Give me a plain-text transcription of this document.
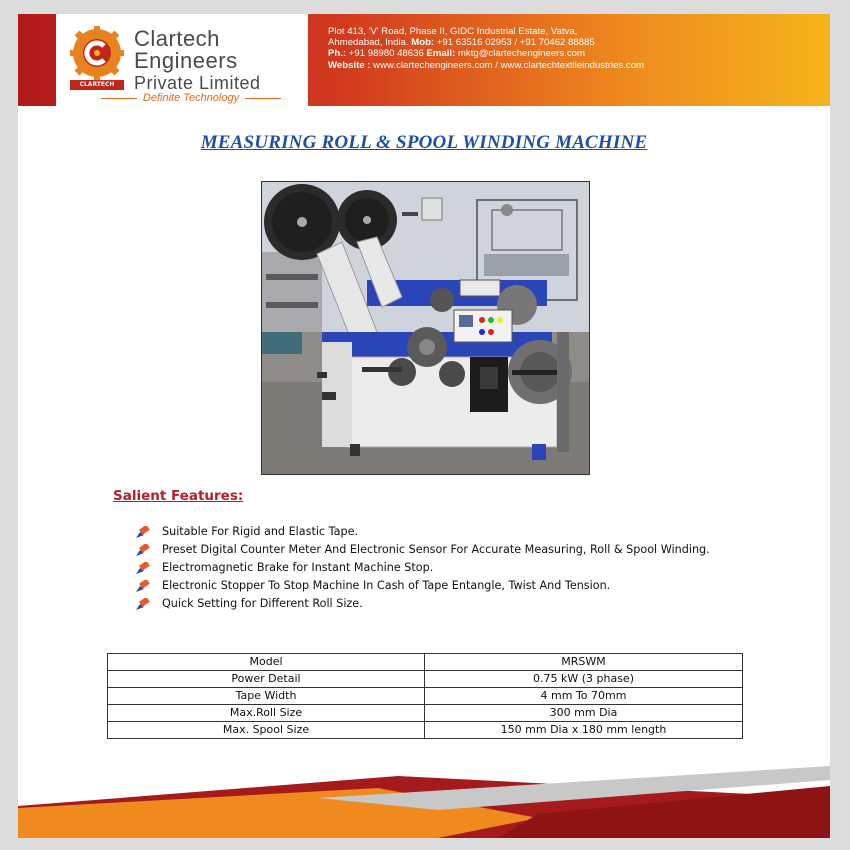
CLARTECH
Clartech
Engineers
Private Limited
Definite Technology
Plot 413, 'V' Road, Phase II, GIDC Industrial Estate, Vatva,
Ahmedabad, India. Mob: +91 63516 02953 / +91 70462 88885
Ph.: +91 98980 48636 Email: mktg@clartechengineers.com
Website : www.clartechengineers.com / www.clartechtextileindustries.com
MEASURING ROLL & SPOOL WINDING MACHINE
Salient Features:
Suitable For Rigid and Elastic Tape.
Preset Digital Counter Meter And Electronic Sensor For Accurate Measuring, Roll & Spool Winding.
Electromagnetic Brake for Instant Machine Stop.
Electronic Stopper To Stop Machine In Cash of Tape Entangle, Twist And Tension.
Quick Setting for Different Roll Size.
Model	MRSWM
Power Detail	0.75 kW (3 phase)
Tape Width	4 mm To 70mm
Max.Roll Size	300 mm Dia
Max. Spool Size	150 mm Dia x 180 mm length
